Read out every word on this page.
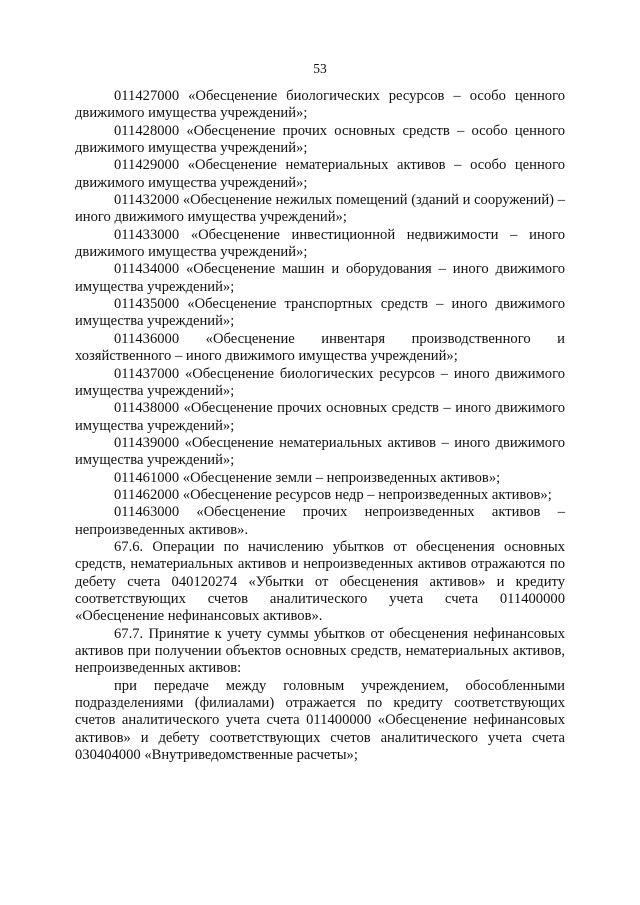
53

011427000 «Обесценение биологических ресурсов – особо ценного движимого имущества учреждений»;

011428000 «Обесценение прочих основных средств – особо ценного движимого имущества учреждений»;

011429000 «Обесценение нематериальных активов – особо ценного движимого имущества учреждений»;

011432000 «Обесценение нежилых помещений (зданий и сооружений) – иного движимого имущества учреждений»;

011433000 «Обесценение инвестиционной недвижимости – иного движимого имущества учреждений»;

011434000 «Обесценение машин и оборудования – иного движимого имущества учреждений»;

011435000 «Обесценение транспортных средств – иного движимого имущества учреждений»;

011436000 «Обесценение инвентаря производственного и хозяйственного – иного движимого имущества учреждений»;

011437000 «Обесценение биологических ресурсов – иного движимого имущества учреждений»;

011438000 «Обесценение прочих основных средств – иного движимого имущества учреждений»;

011439000 «Обесценение нематериальных активов – иного движимого имущества учреждений»;

011461000 «Обесценение земли – непроизведенных активов»;

011462000 «Обесценение ресурсов недр – непроизведенных активов»;

011463000 «Обесценение прочих непроизведенных активов – непроизведенных активов».

67.6. Операции по начислению убытков от обесценения основных средств, нематериальных активов и непроизведенных активов отражаются по дебету счета 040120274 «Убытки от обесценения активов» и кредиту соответствующих счетов аналитического учета счета 011400000 «Обесценение нефинансовых активов».

67.7. Принятие к учету суммы убытков от обесценения нефинансовых активов при получении объектов основных средств, нематериальных активов, непроизведенных активов:

при передаче между головным учреждением, обособленными подразделениями (филиалами) отражается по кредиту соответствующих счетов аналитического учета счета 011400000 «Обесценение нефинансовых активов» и дебету соответствующих счетов аналитического учета счета 030404000 «Внутриведомственные расчеты»;
